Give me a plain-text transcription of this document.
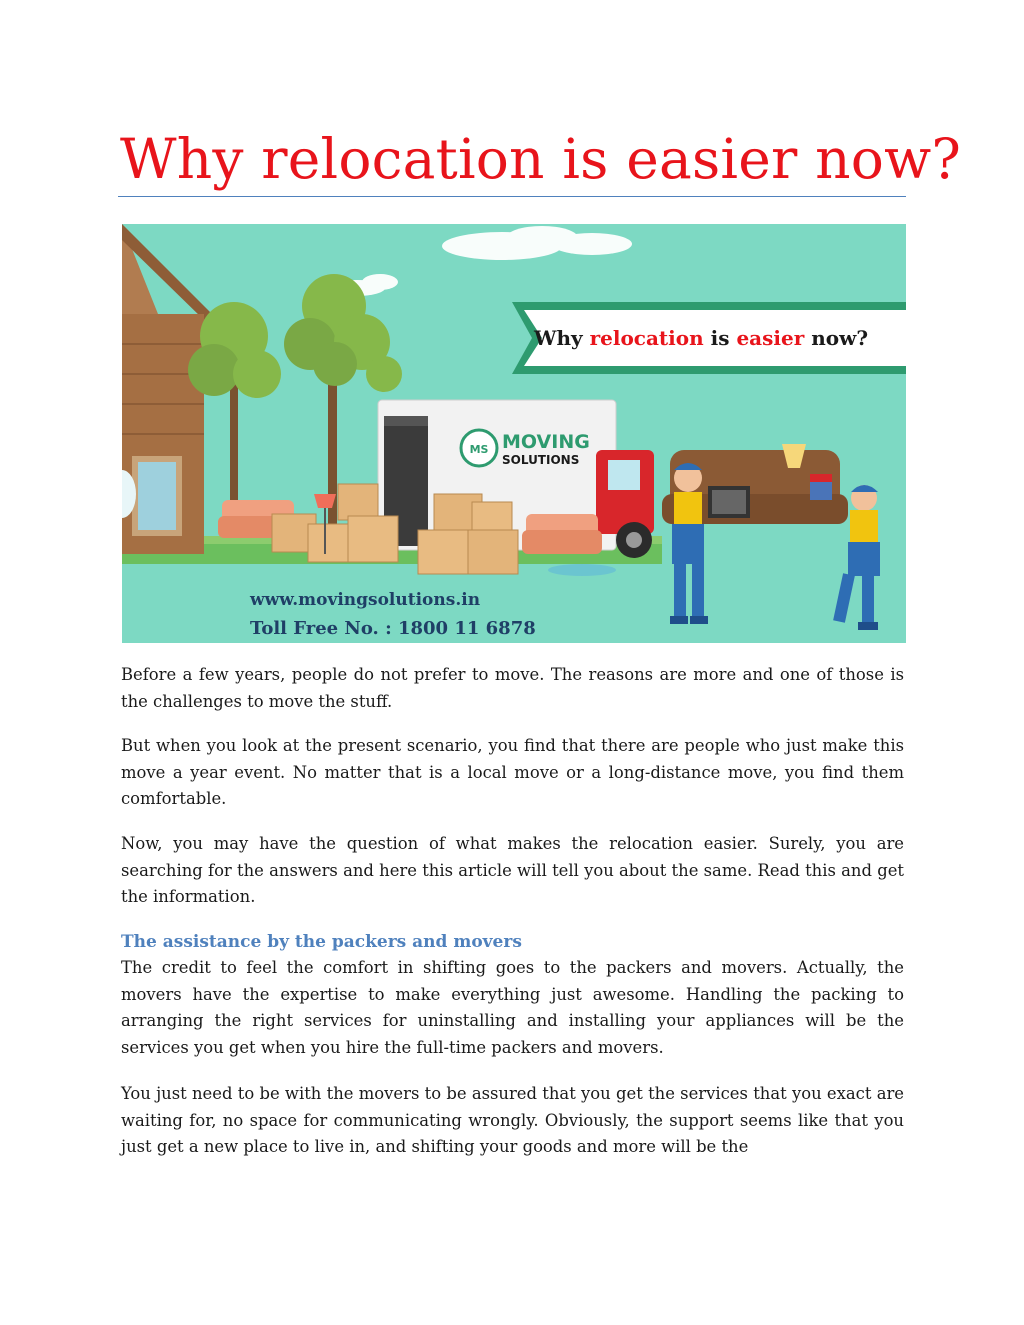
Why relocation is easier now?
Why relocation is easier now?
MS MOVING
SOLUTIONS
www.movingsolutions.in
Toll Free No. : 1800 11 6878

Before a few years, people do not prefer to move. The reasons are more and one of those is the challenges to move the stuff.

But when you look at the present scenario, you find that there are people who just make this move a year event. No matter that is a local move or a long-distance move, you find them comfortable.

Now, you may have the question of what makes the relocation easier. Surely, you are searching for the answers and here this article will tell you about the same. Read this and get the information.

The assistance by the packers and movers

The credit to feel the comfort in shifting goes to the packers and movers. Actually, the movers have the expertise to make everything just awesome. Handling the packing to arranging the right services for uninstalling and installing your appliances will be the services you get when you hire the full-time packers and movers.

You just need to be with the movers to be assured that you get the services that you exact are waiting for, no space for communicating wrongly. Obviously, the support seems like that you just get a new place to live in, and shifting your goods and more will be the
